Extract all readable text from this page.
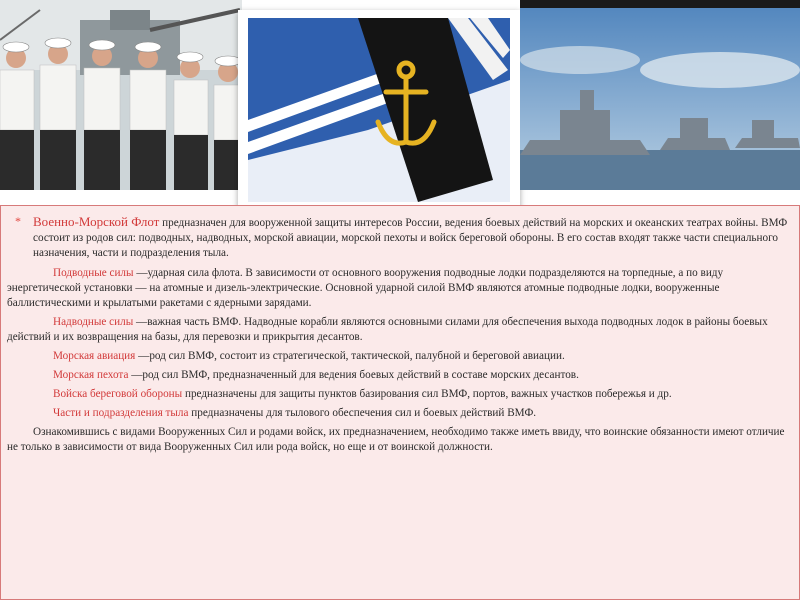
* Военно-Морской Флот предназначен для вооруженной защиты интересов России, ведения боевых действий на морских и океанских театрах войны. ВМФ состоит из родов сил: подводных, надводных, морской авиации, морской пехоты и войск береговой обороны. В его состав входят также части специального назначения, части и подразделения тыла.

Подводные силы —ударная сила флота. В зависимости от основного вооружения подводные лодки подразделяются на торпедные, а по виду энергетической установки — на атомные и дизель-электрические. Основной ударной силой ВМФ являются атомные подводные лодки, вооруженные баллистическими и крылатыми ракетами с ядерными зарядами.

Надводные силы —важная часть ВМФ. Надводные корабли являются основными силами для обеспечения выхода подводных лодок в районы боевых действий и их возвращения на базы, для перевозки и прикрытия десантов.

Морская авиация —род сил ВМФ, состоит из стратегической, тактической, палубной и береговой авиации.

Морская пехота —род сил ВМФ, предназначенный для ведения боевых действий в составе морских десантов.

Войска береговой обороны предназначены для защиты пунктов базирования сил ВМФ, портов, важных участков побережья и др.

Части и подразделения тыла предназначены для тылового обеспечения сил и боевых действий ВМФ.

Ознакомившись с видами Вооруженных Сил и родами войск, их предназначением, необходимо также иметь ввиду, что воинские обязанности имеют отличие не только в зависимости от вида Вооруженных Сил или рода войск, но еще и от воинской должности.
